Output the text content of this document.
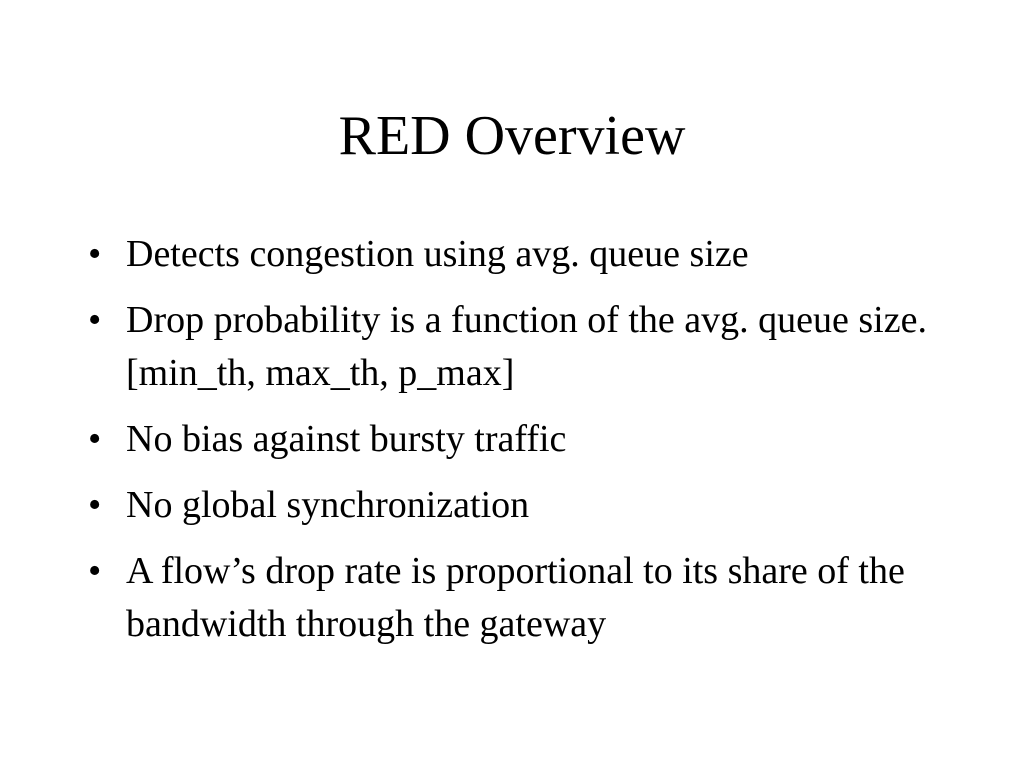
RED Overview
• Detects congestion using avg. queue size
• Drop probability is a function of the avg. queue size. [min_th, max_th, p_max]
• No bias against bursty traffic
• No global synchronization
• A flow’s drop rate is proportional to its share of the bandwidth through the gateway
